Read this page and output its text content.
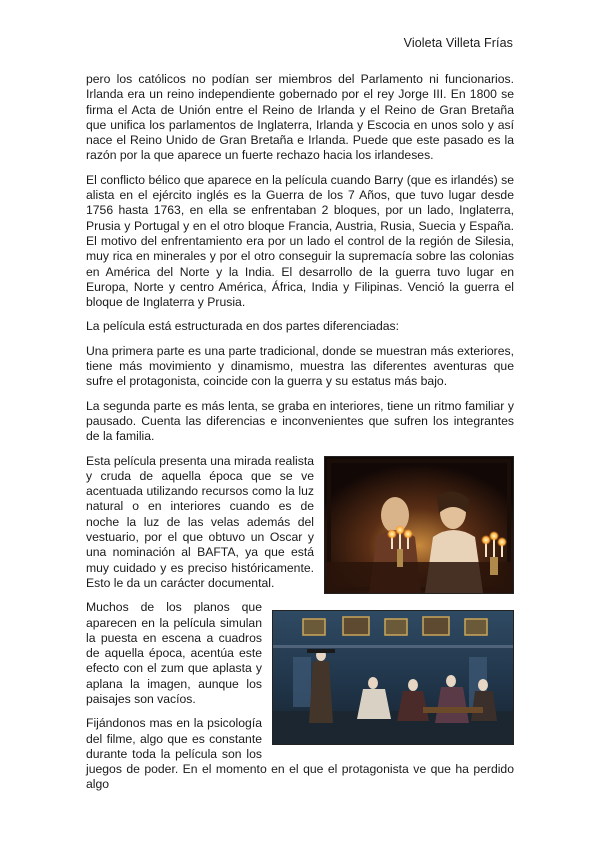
Violeta Villeta Frías

pero los católicos no podían ser miembros del Parlamento ni funcionarios. Irlanda era un reino independiente gobernado por el rey Jorge III. En 1800 se firma el Acta de Unión entre el Reino de Irlanda y el Reino de Gran Bretaña que unifica los parlamentos de Inglaterra, Irlanda y Escocia en unos solo y así nace el Reino Unido de Gran Bretaña e Irlanda. Puede que este pasado es la razón por la que aparece un fuerte rechazo hacia los irlandeses.

El conflicto bélico que aparece en la película cuando Barry (que es irlandés) se alista en el ejército inglés es la Guerra de los 7 Años, que tuvo lugar desde 1756 hasta 1763, en ella se enfrentaban 2 bloques, por un lado, Inglaterra, Prusia y Portugal y en el otro bloque Francia, Austria, Rusia, Suecia y España. El motivo del enfrentamiento era por un lado el control de la región de Silesia, muy rica en minerales y por el otro conseguir la supremacía sobre las colonias en América del Norte y la India. El desarrollo de la guerra tuvo lugar en Europa, Norte y centro América, África, India y Filipinas. Venció la guerra el bloque de Inglaterra y Prusia.

La película está estructurada en dos partes diferenciadas:

Una primera parte es una parte tradicional, donde se muestran más exteriores, tiene más movimiento y dinamismo, muestra las diferentes aventuras que sufre el protagonista, coincide con la guerra y su estatus más bajo.

La segunda parte es más lenta, se graba en interiores, tiene un ritmo familiar y pausado. Cuenta las diferencias e inconvenientes que sufren los integrantes de la familia.

Esta película presenta una mirada realista y cruda de aquella época que se ve acentuada utilizando recursos como la luz natural o en interiores cuando es de noche la luz de las velas además del vestuario, por el que obtuvo un Oscar y una nominación al BAFTA, ya que está muy cuidado y es preciso históricamente. Esto le da un carácter documental.

Muchos de los planos que aparecen en la película simulan la puesta en escena a cuadros de aquella época, acentúa este efecto con el zum que aplasta y aplana la imagen, aunque los paisajes son vacíos.

Fijándonos mas en la psicología del filme, algo que es constante durante toda la película son los juegos de poder. En el momento en el que el protagonista ve que ha perdido algo
